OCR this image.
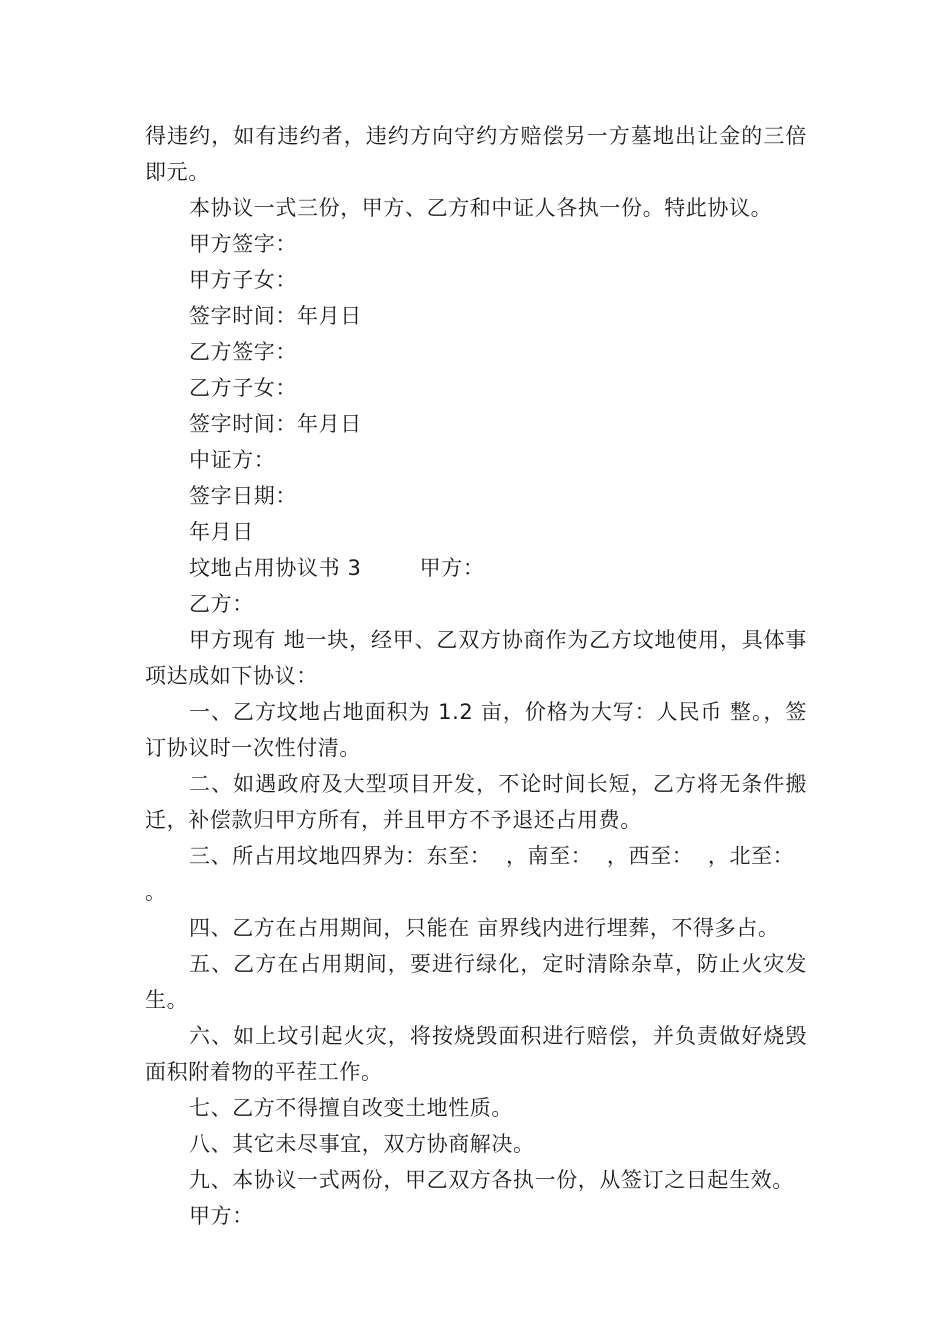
得违约，如有违约者，违约方向守约方赔偿另一方墓地出让金的三倍即元。

本协议一式三份，甲方、乙方和中证人各执一份。特此协议。

甲方签字：

甲方子女：

签字时间：年月日

乙方签字：

乙方子女：

签字时间：年月日

中证方：

签字日期：

年月日

坟地占用协议书 3        甲方：

乙方：

甲方现有 地一块，经甲、乙双方协商作为乙方坟地使用，具体事项达成如下协议：

一、乙方坟地占地面积为 1.2 亩，价格为大写：人民币 整。，签订协议时一次性付清。

二、如遇政府及大型项目开发，不论时间长短，乙方将无条件搬迁，补偿款归甲方所有，并且甲方不予退还占用费。

三、所占用坟地四界为：东至：  ，南至：  ，西至：  ，北至：  。

四、乙方在占用期间，只能在 亩界线内进行埋葬，不得多占。

五、乙方在占用期间，要进行绿化，定时清除杂草，防止火灾发生。

六、如上坟引起火灾，将按烧毁面积进行赔偿，并负责做好烧毁面积附着物的平茬工作。

七、乙方不得擅自改变土地性质。

八、其它未尽事宜，双方协商解决。

九、本协议一式两份，甲乙双方各执一份，从签订之日起生效。

甲方：
